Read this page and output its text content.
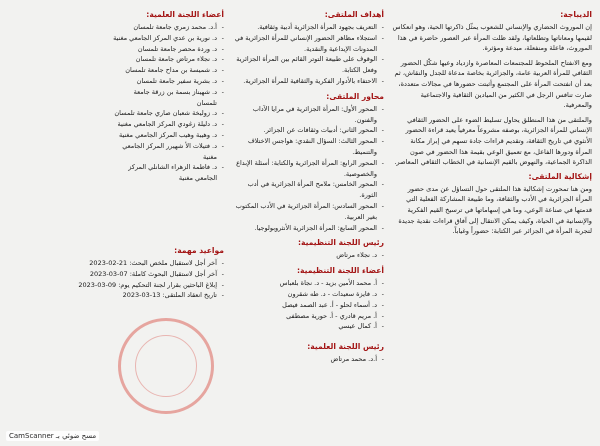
الديباجة:
إن الموروث الحضاري والإنساني للشعوب يمثّل ذاكرتها الحية، وهو انعكاس لقيمها ومعاناتها وتطلعاتها، ولقد ظلت المرأة عبر العصور حاضرة في هذا الموروث، فاعلة ومنفعلة، مبدعة ومؤثرة.
ومع الانفتاح الملحوظ للمجتمعات المعاصرة وازدياد وعيها شكّل الحضور الثقافي للمرأة العربية عامة، والجزائرية بخاصة مدعاة للجدل والنقاش، ثم بعد أن انفتحت المرأة على المجتمع وأثبتت حضورها في مجالات متعددة، صارت تنافس الرجل في الكثير من الميادين الثقافية والاجتماعية والمعرفية.
والملتقى من هذا المنطلق يحاول تسليط الضوء على الحضور الثقافي الإنساني للمرأة الجزائرية، بوصفه مشروعاً معرفياً يعيد قراءة الحضور الأنثوي في تاريخ الثقافة، وتقديم قراءات جادة تسهم في إبراز مكانة المرأة ودورها الفاعل، مع تعميق الوعي بقيمة هذا الحضور في صون الذاكرة الجماعية، والنهوض بالقيم الإنسانية في الخطاب الثقافي المعاصر.
إشكالية الملتقى:
ومن هنا تمحورت إشكالية هذا الملتقى حول التساؤل عن مدى حضور المرأة الجزائرية في الأدب والثقافة، وما طبيعة المشاركة الفعلية التي قدمتها في صناعة الوعي، وما هي إسهاماتها في ترسيخ القيم الفكرية والإنسانية في الحياة، وكيف يمكن الانتقال إلى آفاق قراءات نقدية جديدة لتجربة المرأة في الجزائر عبر الكتابة: حضوراً وغياباً.
أهداف الملتقى:
- التعريف بجهود المرأة الجزائرية أدبية وثقافية.
- استجلاء مظاهر الحضور الإنساني للمرأة الجزائرية في المدونات الإبداعية والنقدية.
- الوقوف على طبيعة التوتر القائم بين المرأة الجزائرية وفعل الكتابة.
- الاحتفاء بالأدوار الفكرية والثقافية للمرأة الجزائرية.
محاور الملتقى:
- المحور الأول: المرأة الجزائرية في مرايا الآداب والفنون.
- المحور الثاني: أدبيات وثقافات عن الجزائر.
- المحور الثالث: السؤال النقدي: هواجس الاختلاف والتنميط.
- المحور الرابع: المرأة الجزائرية والكتابة: أسئلة الإبداع والخصوصية.
- المحور الخامس: ملامح المرأة الجزائرية في أدب الثورة.
- المحور السادس: المرأة الجزائرية في الأدب المكتوب بغير العربية.
- المحور السابع: المرأة الجزائرية الأنثروبولوجيا.
رئيس اللجنة التنظيمية:
- د. نجلاء مرتاض
أعضاء اللجنة التنظيمية:
- أ. محمد الأمين بزيد - د. نجاة بلعباس
- د. فايزة سعيدات - د. طه شقرون
- د. أسماء لحلو - أ. عبد الصمد فيصل
- أ. مريم قادري - أ. حورية مصطفى
- أ. كمال عيسي
رئيس اللجنة العلمية:
- أ.د. محمد مرتاض
أعضاء اللجنة العلمية:
- أ.د. محمد زمري جامعة تلمسان
- د. نورية بن عدي المركز الجامعي مغنية
- د. وردة محصر جامعة تلمسان
- د. نجلاء مرتاض جامعة تلمسان
- د. شميسة بن مداح جامعة تلمسان
- د. بشرية سفير جامعة تلمسان
- د. شهيناز بسمة بن زرقة جامعة تلمسان
- د. زوليخة شعبان صاري جامعة تلمسان
- د. دليلة زغودي المركز الجامعي مغنية
- د. وهيبة وهيب المركز الجامعي مغنية
- د. فتيلات الأ شهيرر المركز الجامعي مغنية
- د. فاطمة الزهراء الشانلي المركز الجامعي مغنية
مواعيد مهمة:
- آخر أجل لاستقبال ملخص البحث: 21-02-2023
- آخر أجل لاستقبال البحوث كاملة: 07-03-2023
- إبلاغ الباحثين بقرار لجنة التحكيم يوم: 09-03-2023
- تاريخ انعقاد الملتقى: 13-03-2023
CamScanner مسح ضوئي بـ
